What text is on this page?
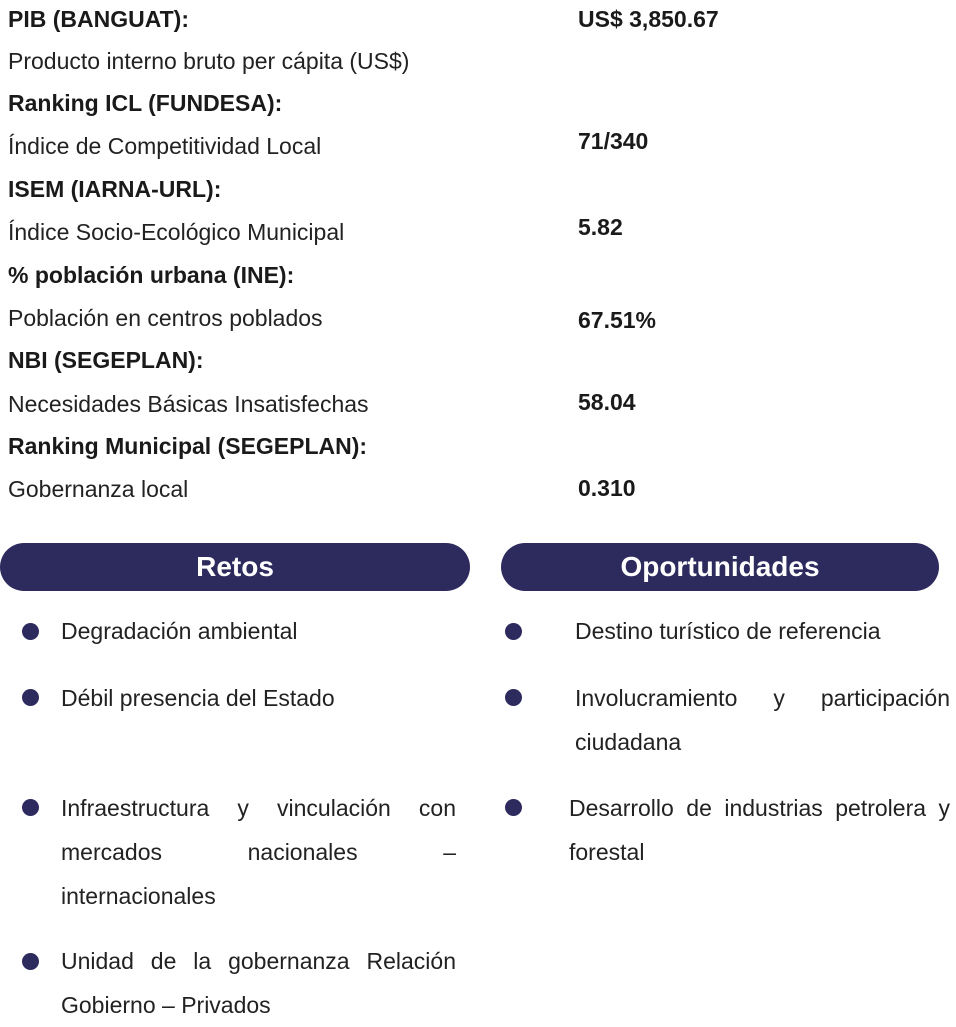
PIB (BANGUAT):	US$ 3,850.67
Producto interno bruto per cápita (US$)
Ranking ICL (FUNDESA):
Índice de Competitividad Local	71/340
ISEM (IARNA-URL):
Índice Socio-Ecológico Municipal	5.82
% población urbana (INE):
Población en centros poblados	67.51%
NBI (SEGEPLAN):
Necesidades Básicas Insatisfechas	58.04
Ranking Municipal (SEGEPLAN):
Gobernanza local	0.310
Retos	Oportunidades
Degradación ambiental
Débil presencia del Estado
Infraestructura y vinculación con mercados nacionales – internacionales
Unidad de la gobernanza Relación Gobierno – Privados
Destino turístico de referencia
Involucramiento y participación ciudadana
Desarrollo de industrias petrolera y forestal
